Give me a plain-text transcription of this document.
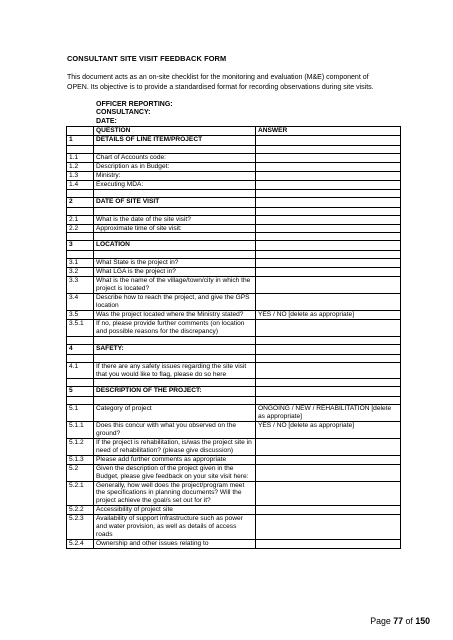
CONSULTANT SITE VISIT FEEDBACK FORM
This document acts as an on-site checklist for the monitoring and evaluation (M&E) component of OPEN. Its objective is to provide a standardised format for recording observations during site visits.
OFFICER REPORTING:
CONSULTANCY:
DATE:
	QUESTION	ANSWER
1	DETAILS OF LINE ITEM/PROJECT	

1.1	Chart of Accounts code:	
1.2	Description as in Budget:	
1.3	Ministry:	
1.4	Executing MDA:	

2	DATE OF SITE VISIT	

2.1	What is the date of the site visit?	
2.2	Approximate time of site visit:	

3	LOCATION	

3.1	What State is the project in?	
3.2	What LGA is the project in?	
3.3	What is the name of the village/town/city in which the project is located?	
3.4	Describe how to reach the project, and give the GPS location	
3.5	Was the project located where the Ministry stated?	YES / NO [delete as appropriate]
3.5.1	If no, please provide further comments (on location and possible reasons for the discrepancy)	

4	SAFETY:	

4.1	If there are any safety issues regarding the site visit that you would like to flag, please do so here	

5	DESCRIPTION OF THE PROJECT:	

5.1	Category of project	ONGOING / NEW / REHABILITATION [delete as appropriate]
5.1.1	Does this concur with what you observed on the ground?	YES / NO [delete as appropriate]
5.1.2	If the project is rehabilitation, is/was the project site in need of rehabilitation? (please give discussion)	
5.1.3	Please add further comments as appropriate	
5.2	Given the description of the project given in the Budget, please give feedback on your site visit here:	
5.2.1	Generally, how well does the project/program meet the specifications in planning documents? Will the project achieve the goal/s set out for it?	
5.2.2	Accessibility of project site	
5.2.3	Availability of support infrastructure such as power and water provision, as well as details of access roads	
5.2.4	Ownership and other issues relating to	
Page 77 of 150
